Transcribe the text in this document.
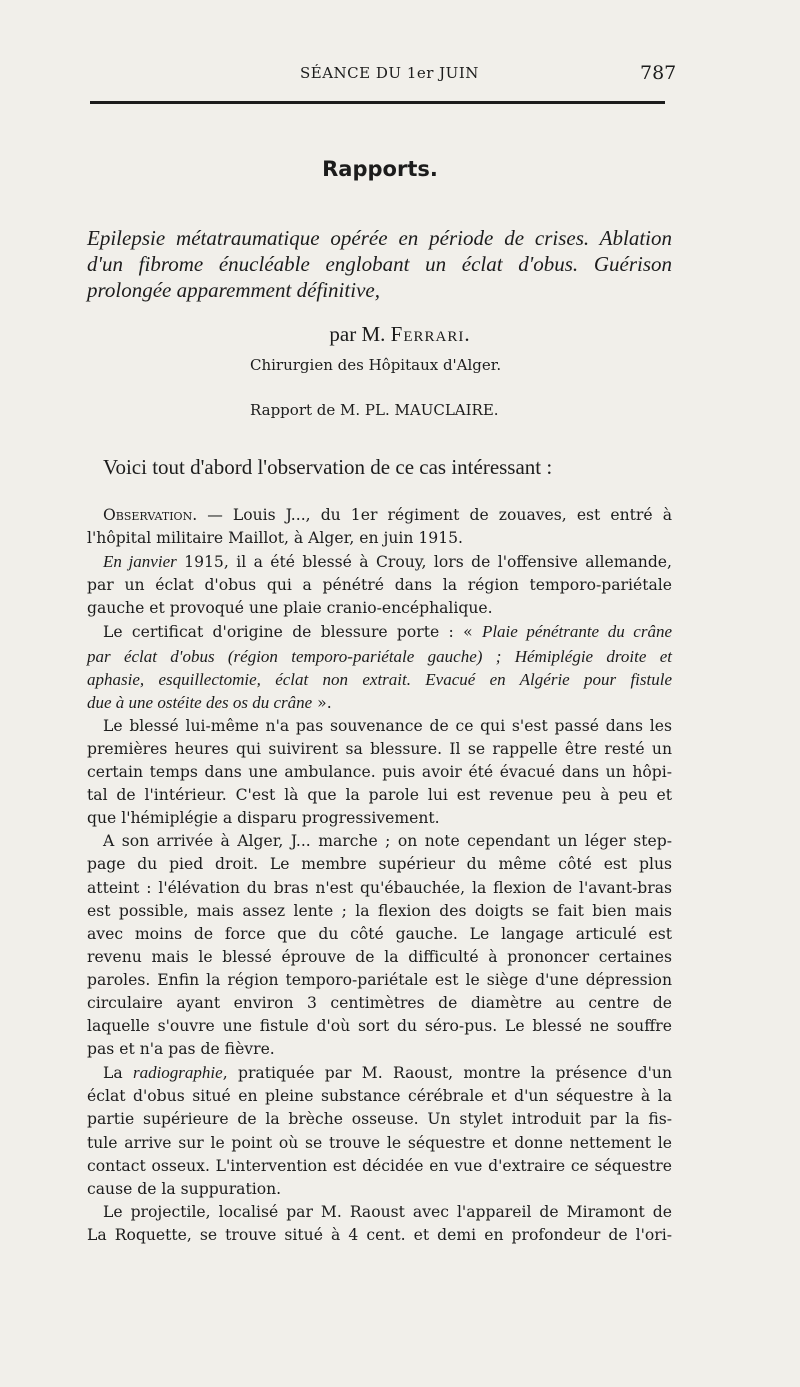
SÉANCE DU 1er JUIN	787
Rapports.
Epilepsie métatraumatique opérée en période de crises. Ablation
d'un fibrome énucléable englobant un éclat d'obus. Guérison
prolongée apparemment définitive,
par M. Ferrari.
Chirurgien des Hôpitaux d'Alger.
Rapport de M. PL. MAUCLAIRE.
Voici tout d'abord l'observation de ce cas intéressant :
Observation. — Louis J..., du 1er régiment de zouaves, est entré à
l'hôpital militaire Maillot, à Alger, en juin 1915.
En janvier 1915, il a été blessé à Crouy, lors de l'offensive allemande,
par un éclat d'obus qui a pénétré dans la région temporo-pariétale
gauche et provoqué une plaie cranio-encéphalique.
Le certificat d'origine de blessure porte : « Plaie pénétrante du crâne
par éclat d'obus (région temporo-pariétale gauche) ; Hémiplégie droite et
aphasie, esquillectomie, éclat non extrait. Evacué en Algérie pour fistule
due à une ostéite des os du crâne ».
Le blessé lui-même n'a pas souvenance de ce qui s'est passé dans les
premières heures qui suivirent sa blessure. Il se rappelle être resté un
certain temps dans une ambulance. puis avoir été évacué dans un hôpi-
tal de l'intérieur. C'est là que la parole lui est revenue peu à peu et
que l'hémiplégie a disparu progressivement.
A son arrivée à Alger, J... marche ; on note cependant un léger step-
page du pied droit. Le membre supérieur du même côté est plus
atteint : l'élévation du bras n'est qu'ébauchée, la flexion de l'avant-bras
est possible, mais assez lente ; la flexion des doigts se fait bien mais
avec moins de force que du côté gauche. Le langage articulé est
revenu mais le blessé éprouve de la difficulté à prononcer certaines
paroles. Enfin la région temporo-pariétale est le siège d'une dépression
circulaire ayant environ 3 centimètres de diamètre au centre de
laquelle s'ouvre une fistule d'où sort du séro-pus. Le blessé ne souffre
pas et n'a pas de fièvre.
La radiographie, pratiquée par M. Raoust, montre la présence d'un
éclat d'obus situé en pleine substance cérébrale et d'un séquestre à la
partie supérieure de la brèche osseuse. Un stylet introduit par la fis-
tule arrive sur le point où se trouve le séquestre et donne nettement le
contact osseux. L'intervention est décidée en vue d'extraire ce séquestre
cause de la suppuration.
Le projectile, localisé par M. Raoust avec l'appareil de Miramont de
La Roquette, se trouve situé à 4 cent. et demi en profondeur de l'ori-
